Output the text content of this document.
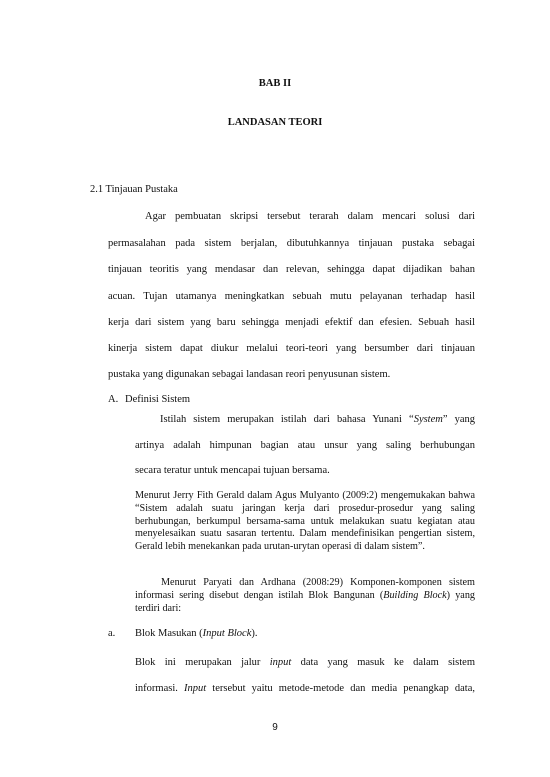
BAB II
LANDASAN TEORI
2.1 Tinjauan Pustaka
Agar pembuatan skripsi tersebut terarah dalam mencari solusi dari
permasalahan pada sistem berjalan, dibutuhkannya tinjauan pustaka sebagai
tinjauan teoritis yang mendasar dan relevan, sehingga dapat dijadikan bahan
acuan. Tujan utamanya meningkatkan sebuah mutu pelayanan terhadap hasil
kerja dari sistem yang baru sehingga menjadi efektif dan efesien. Sebuah hasil
kinerja sistem dapat diukur melalui teori-teori yang bersumber dari tinjauan
pustaka yang digunakan sebagai landasan reori penyusunan sistem.
A. Definisi Sistem
Istilah sistem merupakan istilah dari bahasa Yunani “System” yang
artinya adalah himpunan bagian atau unsur yang saling berhubungan
secara teratur untuk mencapai tujuan bersama.
Menurut Jerry Fith Gerald dalam Agus Mulyanto (2009:2) mengemukakan bahwa “Sistem adalah suatu jaringan kerja dari prosedur-prosedur yang saling berhubungan, berkumpul bersama-sama untuk melakukan suatu kegiatan atau menyelesaikan suatu sasaran tertentu. Dalam mendefinisikan pengertian sistem, Gerald lebih menekankan pada urutan-urytan operasi di dalam sistem”.
Menurut Paryati dan Ardhana (2008:29) Komponen-komponen sistem informasi sering disebut dengan istilah Blok Bangunan (Building Block) yang terdiri dari:
a. Blok Masukan (Input Block).
Blok ini merupakan jalur input data yang masuk ke dalam sistem
informasi. Input tersebut yaitu metode-metode dan media penangkap data,
9
